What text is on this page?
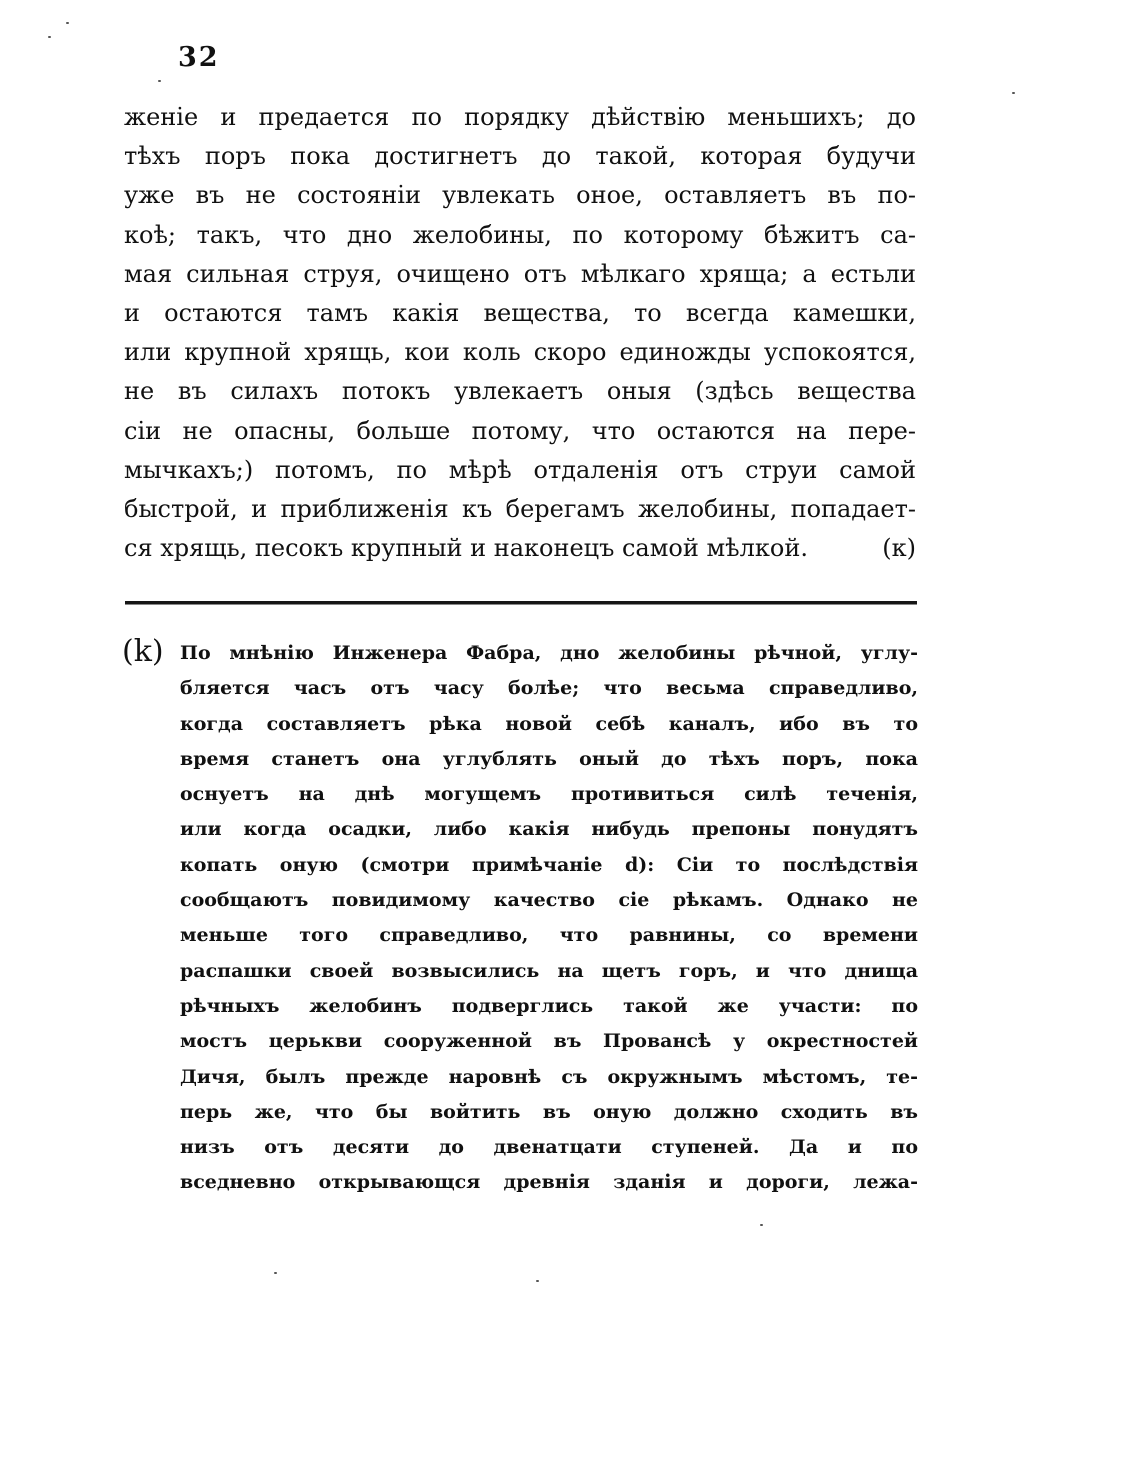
32
женіе и предается по порядку дѣйствію меньшихъ; до
тѣхъ поръ пока достигнетъ до такой, которая будучи
уже въ не состояніи увлекать оное, оставляетъ въ по-
коѣ; такъ, что дно желобины, по которому бѣжитъ са-
мая сильная струя, очищено отъ мѣлкаго хряща; а естьли
и остаются тамъ какія вещества, то всегда камешки,
или крупной хрящь, кои коль скоро единожды успокоятся,
не въ силахъ потокъ увлекаетъ оныя (здѣсь вещества
сіи не опасны, больше потому, что остаются на пере-
мычкахъ;) потомъ, по мѣрѣ отдаленія отъ струи самой
быстрой, и приближенія къ берегамъ желобины, попадает-
ся хрящь, песокъ крупный и наконецъ самой мѣлкой.	(к)
(k) По мнѣнію Инженера Фабра, дно желобины рѣчной, углу-
бляется часъ отъ часу болѣе; что весьма справедливо,
когда составляетъ рѣка новой себѣ каналъ, ибо въ то
время станетъ она углублять оный до тѣхъ поръ, пока
оснуетъ на днѣ могущемъ противиться силѣ теченія,
или когда осадки, либо какія нибудь препоны понудятъ
копать оную (смотри примѣчаніе d): Сіи то послѣдствія
сообщаютъ повидимому качество сіе рѣкамъ. Однако не
меньше того справедливо, что равнины, со времени
распашки своей возвысились на щетъ горъ, и что днища
рѣчныхъ желобинъ подверглись такой же участи: по
мостъ церькви сооруженной въ Провансѣ у окрестностей
Дичя, былъ прежде наровнѣ съ окружнымъ мѣстомъ, те-
перь же, что бы войтить въ оную должно сходить въ
низъ отъ десяти до двенатцати ступеней. Да и по
вседневно открывающся древнія зданія и дороги, лежа-
